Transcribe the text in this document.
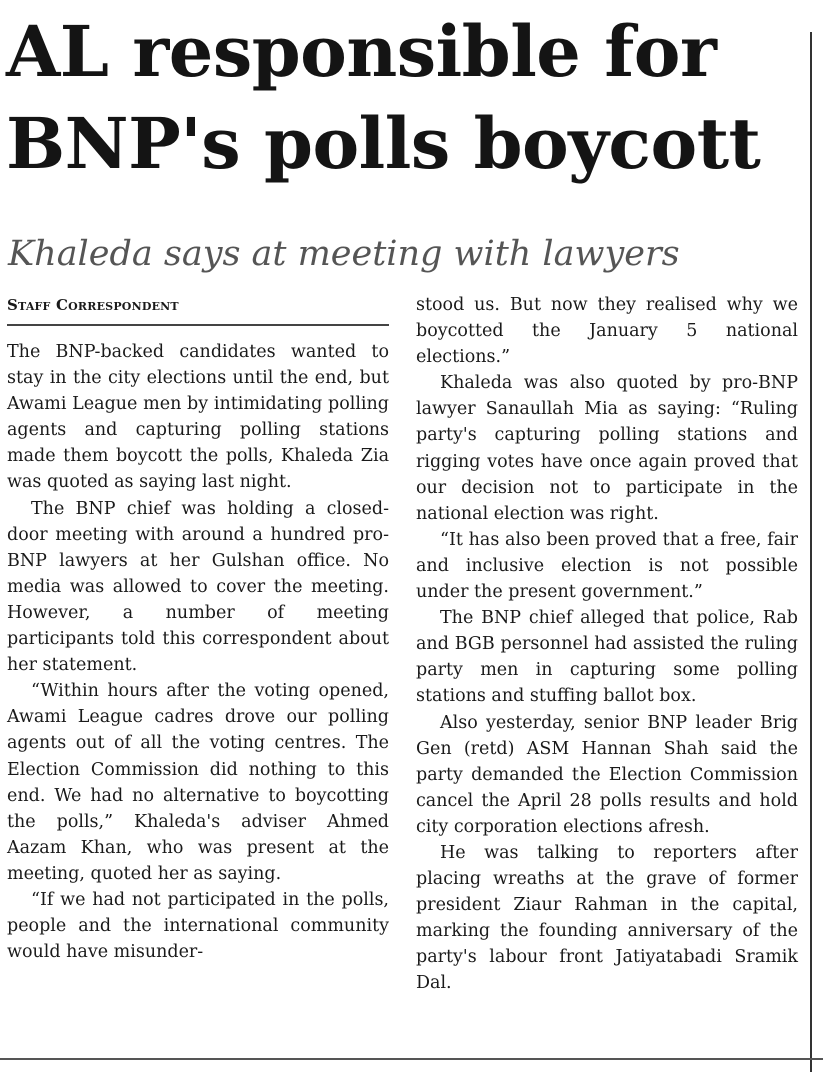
AL responsible for
BNP's polls boycott
Khaleda says at meeting with lawyers
Staff Correspondent

The BNP-backed candidates wanted to stay in the city elections until the end, but Awami League men by intimidating polling agents and capturing polling stations made them boycott the polls, Khaleda Zia was quoted as saying last night.

The BNP chief was holding a closed-door meeting with around a hundred pro-BNP lawyers at her Gulshan office. No media was allowed to cover the meeting. However, a number of meeting participants told this correspondent about her statement.

“Within hours after the voting opened, Awami League cadres drove our polling agents out of all the voting centres. The Election Commission did nothing to this end. We had no alternative to boycotting the polls,” Khaleda's adviser Ahmed Aazam Khan, who was present at the meeting, quoted her as saying.

“If we had not participated in the polls, people and the international community would have misunder-

stood us. But now they realised why we boycotted the January 5 national elections.”

Khaleda was also quoted by pro-BNP lawyer Sanaullah Mia as saying: “Ruling party's capturing polling stations and rigging votes have once again proved that our decision not to participate in the national election was right.

“It has also been proved that a free, fair and inclusive election is not possible under the present government.”

The BNP chief alleged that police, Rab and BGB personnel had assisted the ruling party men in capturing some polling stations and stuffing ballot box.

Also yesterday, senior BNP leader Brig Gen (retd) ASM Hannan Shah said the party demanded the Election Commission cancel the April 28 polls results and hold city corporation elections afresh.

He was talking to reporters after placing wreaths at the grave of former president Ziaur Rahman in the capital, marking the founding anniversary of the party's labour front Jatiyatabadi Sramik Dal.
